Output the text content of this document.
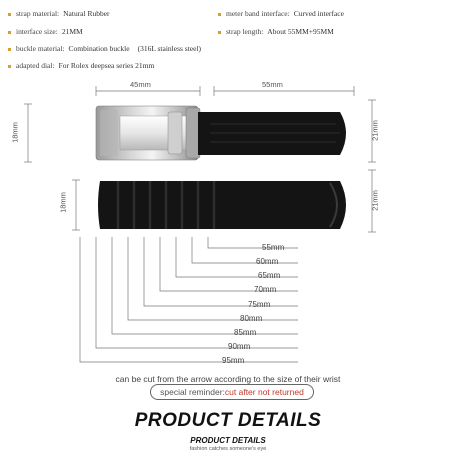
strap material: Natural Rubber	meter band interface: Curved interface
interface size: 21MM	strap length: About 55MM+95MM
buckle material: Combination buckle (316L stainless steel)
adapted dial: For Rolex deepsea series 21mm
45mm	55mm
18mm	21mm
18mm	21mm
55mm
60mm
65mm
70mm
75mm
80mm
85mm
90mm
95mm
can be cut from the arrow according to the size of their wrist
special reminder:cut after not returned
PRODUCT DETAILS
PRODUCT DETAILS
fashion catches someone's eye
